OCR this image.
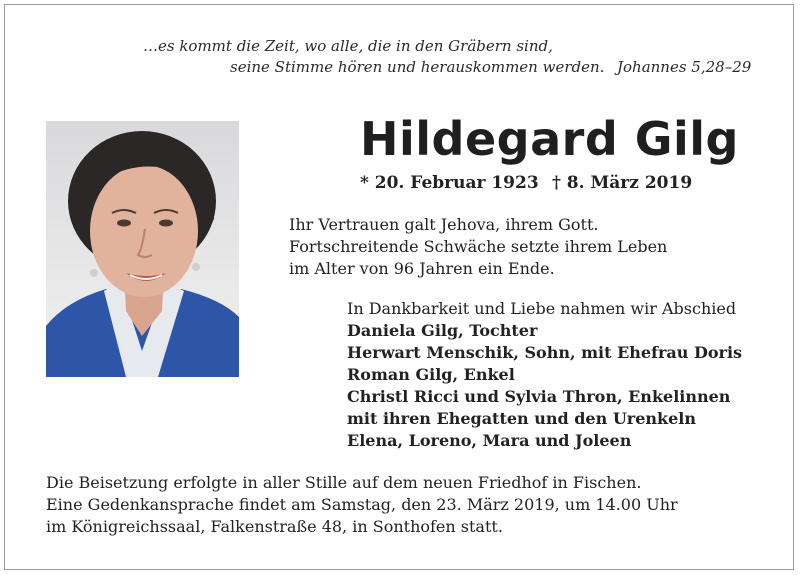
…es kommt die Zeit, wo alle, die in den Gräbern sind,
seine Stimme hören und herauskommen werden. Johannes 5,28–29
Hildegard Gilg
* 20. Februar 1923 † 8. März 2019
Ihr Vertrauen galt Jehova, ihrem Gott.
Fortschreitende Schwäche setzte ihrem Leben
im Alter von 96 Jahren ein Ende.
In Dankbarkeit und Liebe nahmen wir Abschied
Daniela Gilg, Tochter
Herwart Menschik, Sohn, mit Ehefrau Doris
Roman Gilg, Enkel
Christl Ricci und Sylvia Thron, Enkelinnen
mit ihren Ehegatten und den Urenkeln
Elena, Loreno, Mara und Joleen
Die Beisetzung erfolgte in aller Stille auf dem neuen Friedhof in Fischen.
Eine Gedenkansprache findet am Samstag, den 23. März 2019, um 14.00 Uhr
im Königreichssaal, Falkenstraße 48, in Sonthofen statt.
